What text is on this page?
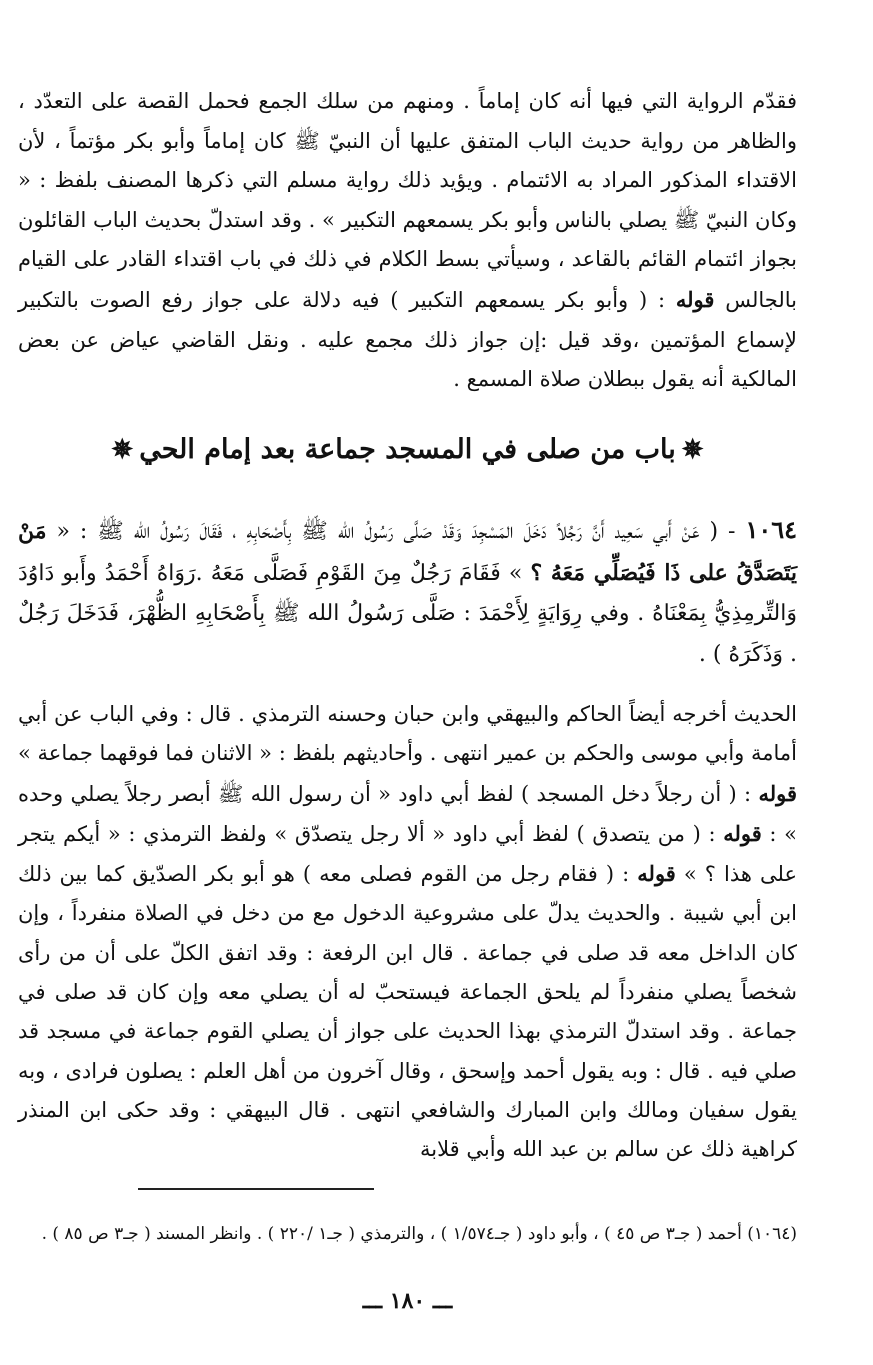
فقدّم الرواية التي فيها أنه كان إماماً . ومنهم من سلك الجمع فحمل القصة على التعدّد ، والظاهر من رواية حديث الباب المتفق عليها أن النبيّ ﷺ كان إماماً وأبو بكر مؤتماً ، لأن الاقتداء المذكور المراد به الائتمام . ويؤيد ذلك رواية مسلم التي ذكرها المصنف بلفظ : « وكان النبيّ ﷺ يصلي بالناس وأبو بكر يسمعهم التكبير » . وقد استدلّ بحديث الباب القائلون بجواز ائتمام القائم بالقاعد ، وسيأتي بسط الكلام في ذلك في باب اقتداء القادر على القيام بالجالس قوله : ( وأبو بكر يسمعهم التكبير ) فيه دلالة على جواز رفع الصوت بالتكبير لإسماع المؤتمين ،وقد قيل :إن جواز ذلك مجمع عليه . ونقل القاضي عياض عن بعض المالكية أنه يقول ببطلان صلاة المسمع .

✵باب من صلى في المسجد جماعة بعد إمام الحي✵

١٠٦٤ - ( عَنْ أَبي سَعِيد أَنَّ رَجُلاً دَخَلَ المَسْجِدَ وَقَدْ صَلَّى رَسُولُ الله ﷺ بِأَصْحَابِهِ ، فَقَالَ رَسُولُ الله ﷺ : « مَنْ يَتَصَدَّقُ على ذَا فَيُصَلِّي مَعَهُ ؟ » فَقَامَ رَجُلٌ مِنَ القَوْمِ فَصَلَّى مَعَهُ .رَوَاهُ أَحْمَدُ وأَبو دَاوُدَ وَالتِّرمِذِيُّ بِمَعْنَاهُ . وفي رِوَايَةٍ لِأَحْمَدَ : صَلَّى رَسُولُ الله ﷺ بِأَصْحَابِهِ الظُّهْرَ، فَدَخَلَ رَجُلٌ . وَذَكَرَهُ ) .

الحديث أخرجه أيضاً الحاكم والبيهقي وابن حبان وحسنه الترمذي . قال : وفي الباب عن أبي أمامة وأبي موسى والحكم بن عمير انتهى . وأحاديثهم بلفظ : « الاثنان فما فوقهما جماعة » قوله : ( أن رجلاً دخل المسجد ) لفظ أبي داود « أن رسول الله ﷺ أبصر رجلاً يصلي وحده » : قوله : ( من يتصدق ) لفظ أبي داود « ألا رجل يتصدّق » ولفظ الترمذي : « أيكم يتجر على هذا ؟ » قوله : ( فقام رجل من القوم فصلى معه ) هو أبو بكر الصدّيق كما بين ذلك ابن أبي شيبة . والحديث يدلّ على مشروعية الدخول مع من دخل في الصلاة منفرداً ، وإن كان الداخل معه قد صلى في جماعة . قال ابن الرفعة : وقد اتفق الكلّ على أن من رأى شخصاً يصلي منفرداً لم يلحق الجماعة فيستحبّ له أن يصلي معه وإن كان قد صلى في جماعة . وقد استدلّ الترمذي بهذا الحديث على جواز أن يصلي القوم جماعة في مسجد قد صلي فيه . قال : وبه يقول أحمد وإسحق ، وقال آخرون من أهل العلم : يصلون فرادى ، وبه يقول سفيان ومالك وابن المبارك والشافعي انتهى . قال البيهقي : وقد حكى ابن المنذر كراهية ذلك عن سالم بن عبد الله وأبي قلابة

(١٠٦٤) أحمد ( جـ٣ ص ٤٥ ) ، وأبو داود ( جـ١/٥٧٤ ) ، والترمذي ( جـ١ /٢٢٠ ) . وانظر المسند ( جـ٣ ص ٨٥ ) .

ـــ ١٨٠ ـــ
